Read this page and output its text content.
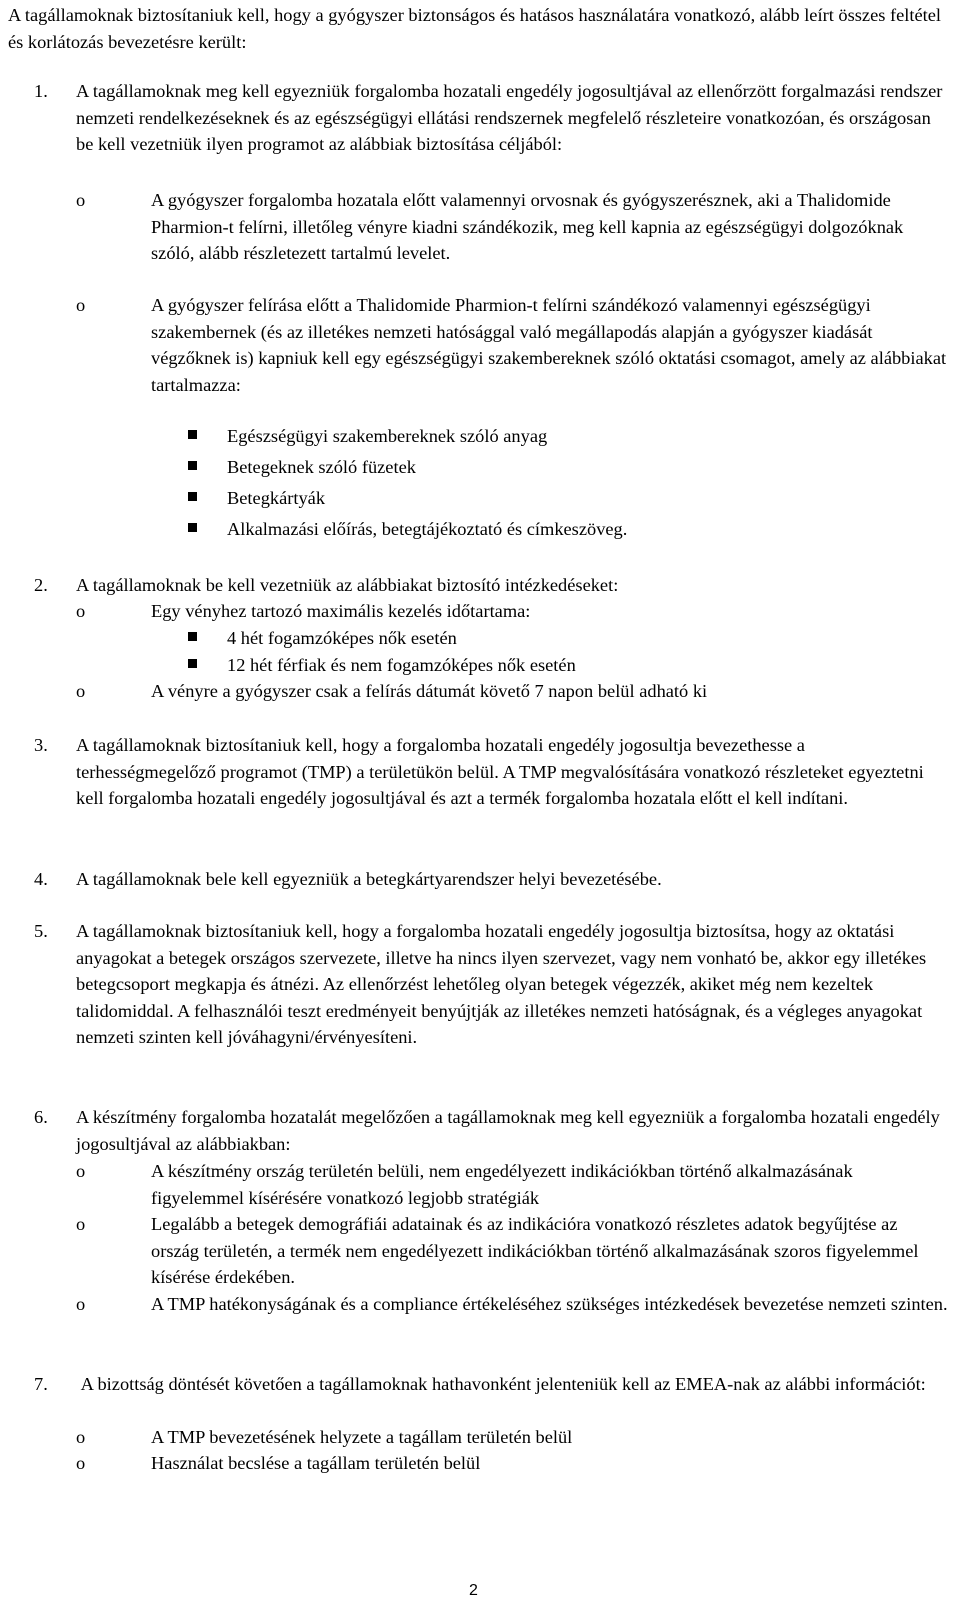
A tagállamoknak biztosítaniuk kell, hogy a gyógyszer biztonságos és hatásos használatára vonatkozó, alább leírt összes feltétel és korlátozás bevezetésre került:
1.	A tagállamoknak meg kell egyezniük forgalomba hozatali engedély jogosultjával az ellenőrzött forgalmazási rendszer nemzeti rendelkezéseknek és az egészségügyi ellátási rendszernek megfelelő részleteire vonatkozóan, és országosan be kell vezetniük ilyen programot az alábbiak biztosítása céljából:
o	A gyógyszer forgalomba hozatala előtt valamennyi orvosnak és gyógyszerésznek, aki a Thalidomide Pharmion-t felírni, illetőleg vényre kiadni szándékozik, meg kell kapnia az egészségügyi dolgozóknak szóló, alább részletezett tartalmú levelet.
o	A gyógyszer felírása előtt a Thalidomide Pharmion-t felírni szándékozó valamennyi egészségügyi szakembernek (és az illetékes nemzeti hatósággal való megállapodás alapján a gyógyszer kiadását végzőknek is) kapniuk kell egy egészségügyi szakembereknek szóló oktatási csomagot, amely az alábbiakat tartalmazza:
Egészségügyi szakembereknek szóló anyag
Betegeknek szóló füzetek
Betegkártyák
Alkalmazási előírás, betegtájékoztató és címkeszöveg.
2.	A tagállamoknak be kell vezetniük az alábbiakat biztosító intézkedéseket:
o	Egy vényhez tartozó maximális kezelés időtartama:
4 hét fogamzóképes nők esetén
12 hét férfiak és nem fogamzóképes nők esetén
o	A vényre a gyógyszer csak a felírás dátumát követő 7 napon belül adható ki
3.	A tagállamoknak biztosítaniuk kell, hogy a forgalomba hozatali engedély jogosultja bevezethesse a terhességmegelőző programot (TMP) a területükön belül. A TMP megvalósítására vonatkozó részleteket egyeztetni kell forgalomba hozatali engedély jogosultjával és azt a termék forgalomba hozatala előtt el kell indítani.
4.	A tagállamoknak bele kell egyezniük a betegkártyarendszer helyi bevezetésébe.
5.	A tagállamoknak biztosítaniuk kell, hogy a forgalomba hozatali engedély jogosultja biztosítsa, hogy az oktatási anyagokat a betegek országos szervezete, illetve ha nincs ilyen szervezet, vagy nem vonható be, akkor egy illetékes betegcsoport megkapja és átnézi. Az ellenőrzést lehetőleg olyan betegek végezzék, akiket még nem kezeltek talidomiddal. A felhasználói teszt eredményeit benyújtják az illetékes nemzeti hatóságnak, és a végleges anyagokat nemzeti szinten kell jóváhagyni/érvényesíteni.
6.	A készítmény forgalomba hozatalát megelőzően a tagállamoknak meg kell egyezniük a forgalomba hozatali engedély jogosultjával az alábbiakban:
o	A készítmény ország területén belüli, nem engedélyezett indikációkban történő alkalmazásának figyelemmel kísérésére vonatkozó legjobb stratégiák
o	Legalább a betegek demográfiái adatainak és az indikációra vonatkozó részletes adatok begyűjtése az ország területén, a termék nem engedélyezett indikációkban történő alkalmazásának szoros figyelemmel kísérése érdekében.
o	A TMP hatékonyságának és a compliance értékeléséhez szükséges intézkedések bevezetése nemzeti szinten.
7.	A bizottság döntését követően a tagállamoknak hathavonként jelenteniük kell az EMEA-nak az alábbi információt:
o	A TMP bevezetésének helyzete a tagállam területén belül
o	Használat becslése a tagállam területén belül
2
